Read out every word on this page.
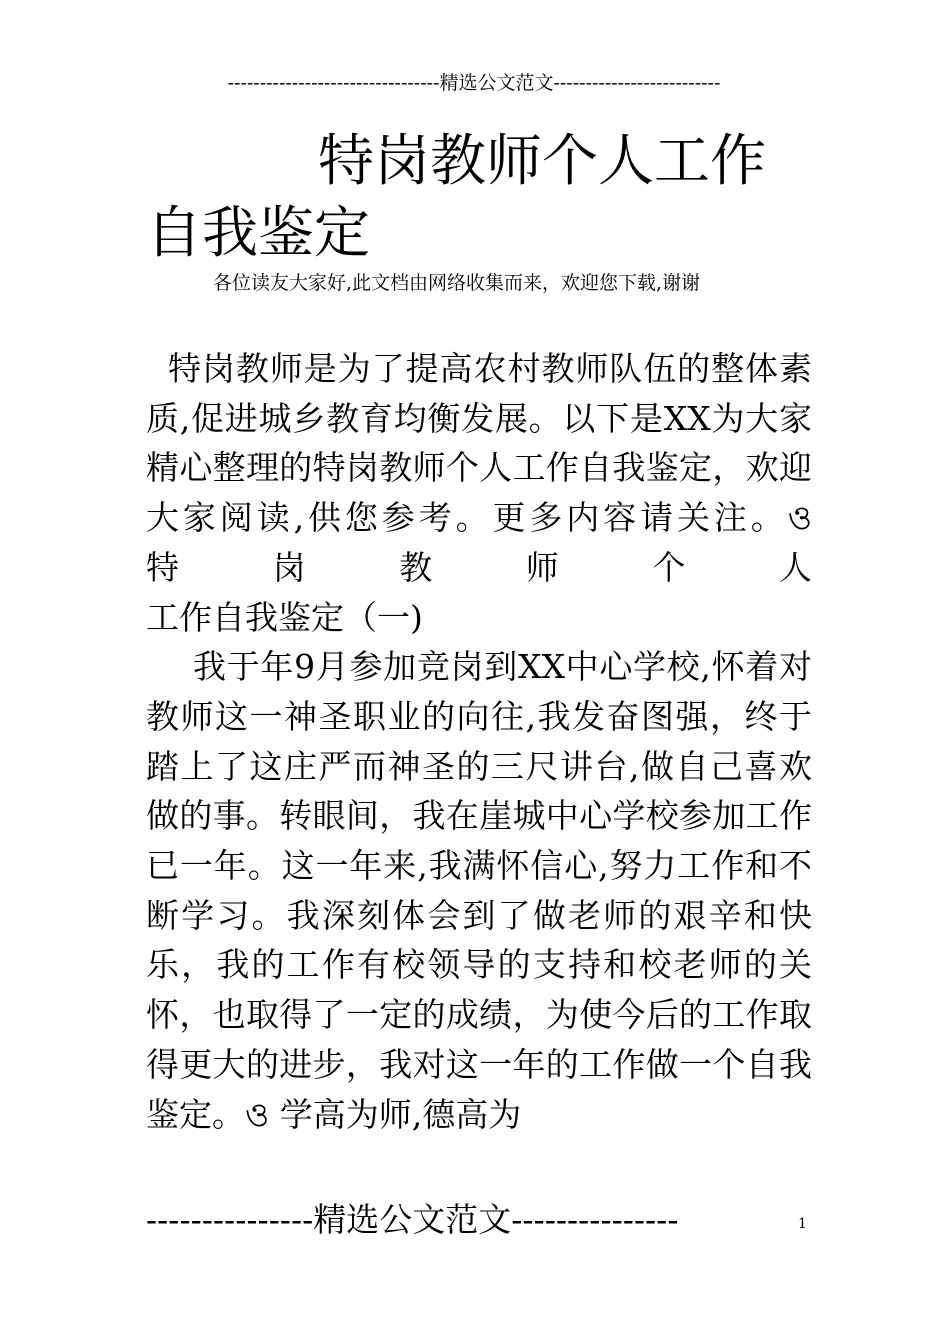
---------------------------------精选公文范文--------------------------
特岗教师个人工作
自我鉴定
各位读友大家好,此文档由网络收集而来，欢迎您下载,谢谢

特岗教师是为了提高农村教师队伍的整体素质,促进城乡教育均衡发展。以下是XX为大家精心整理的特岗教师个人工作自我鉴定，欢迎大家阅读,供您参考。更多内容请关注。ও　　特岗教师个人

工作自我鉴定（一)

我于年9月参加竞岗到XX中心学校,怀着对教师这一神圣职业的向往,我发奋图强，终于踏上了这庄严而神圣的三尺讲台,做自己喜欢做的事。转眼间，我在崖城中心学校参加工作已一年。这一年来,我满怀信心,努力工作和不断学习。我深刻体会到了做老师的艰辛和快乐，我的工作有校领导的支持和校老师的关怀，也取得了一定的成绩，为使今后的工作取得更大的进步，我对这一年的工作做一个自我鉴定。ও 学高为师,德高为

---------------精选公文范文---------------	1
